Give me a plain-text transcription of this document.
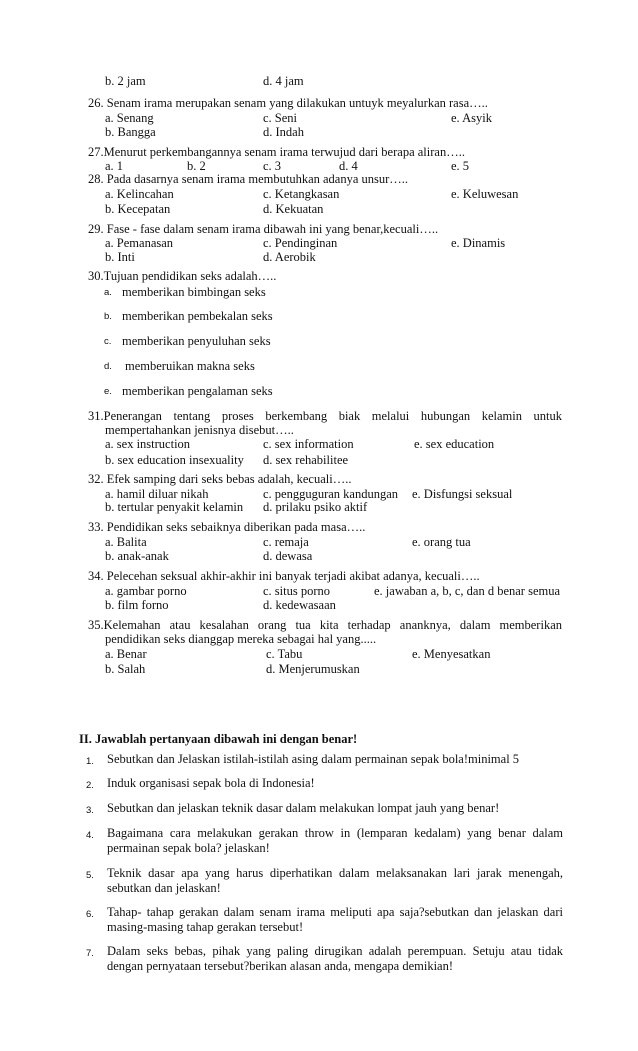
b. 2 jam	d. 4 jam
26. Senam irama merupakan senam yang dilakukan untuyk meyalurkan rasa…..
a. Senang	c. Seni	e. Asyik
b. Bangga	d. Indah
27.Menurut perkembangannya senam irama terwujud dari berapa aliran…..
a. 1	b. 2	c. 3	d. 4	e. 5
28. Pada dasarnya senam irama membutuhkan adanya unsur…..
a. Kelincahan	c. Ketangkasan	e. Keluwesan
b. Kecepatan	d. Kekuatan
29. Fase - fase dalam senam irama dibawah ini yang benar,kecuali…..
a. Pemanasan	c. Pendinginan	e. Dinamis
b. Inti	d. Aerobik
30.Tujuan pendidikan seks adalah…..
a. memberikan bimbingan seks
b. memberikan pembekalan seks
c. memberikan penyuluhan seks
d. memberuikan makna seks
e. memberikan pengalaman seks
31.Penerangan tentang proses berkembang biak melalui hubungan kelamin untuk
mempertahankan jenisnya disebut…..
a. sex instruction	c. sex information	e. sex education
b. sex education insexuality d. sex rehabilitee
32. Efek samping dari seks bebas adalah, kecuali…..
a. hamil diluar nikah	c. pengguguran kandungan e. Disfungsi seksual
b. tertular penyakit kelamin d. prilaku psiko aktif
33. Pendidikan seks sebaiknya diberikan pada masa…..
a. Balita	c. remaja	e. orang tua
b. anak-anak	d. dewasa
34. Pelecehan seksual akhir-akhir ini banyak terjadi akibat adanya, kecuali…..
a. gambar porno	c. situs porno	e. jawaban a, b, c, dan d benar semua
b. film forno	d. kedewasaan
35.Kelemahan atau kesalahan orang tua kita terhadap ananknya, dalam memberikan
pendidikan seks dianggap mereka sebagai hal yang.....
a. Benar	c. Tabu	e. Menyesatkan
b. Salah	d. Menjerumuskan
II. Jawablah pertanyaan dibawah ini dengan benar!
1. Sebutkan dan Jelaskan istilah-istilah asing dalam permainan sepak bola!minimal 5
2. Induk organisasi sepak bola di Indonesia!
3. Sebutkan dan jelaskan teknik dasar dalam melakukan lompat jauh yang benar!
4. Bagaimana cara melakukan gerakan throw in (lemparan kedalam) yang benar dalam permainan sepak bola? jelaskan!
5. Teknik dasar apa yang harus diperhatikan dalam melaksanakan lari jarak menengah, sebutkan dan jelaskan!
6. Tahap- tahap gerakan dalam senam irama meliputi apa saja?sebutkan dan jelaskan dari masing-masing tahap gerakan tersebut!
7. Dalam seks bebas, pihak yang paling dirugikan adalah perempuan. Setuju atau tidak dengan pernyataan tersebut?berikan alasan anda, mengapa demikian!
